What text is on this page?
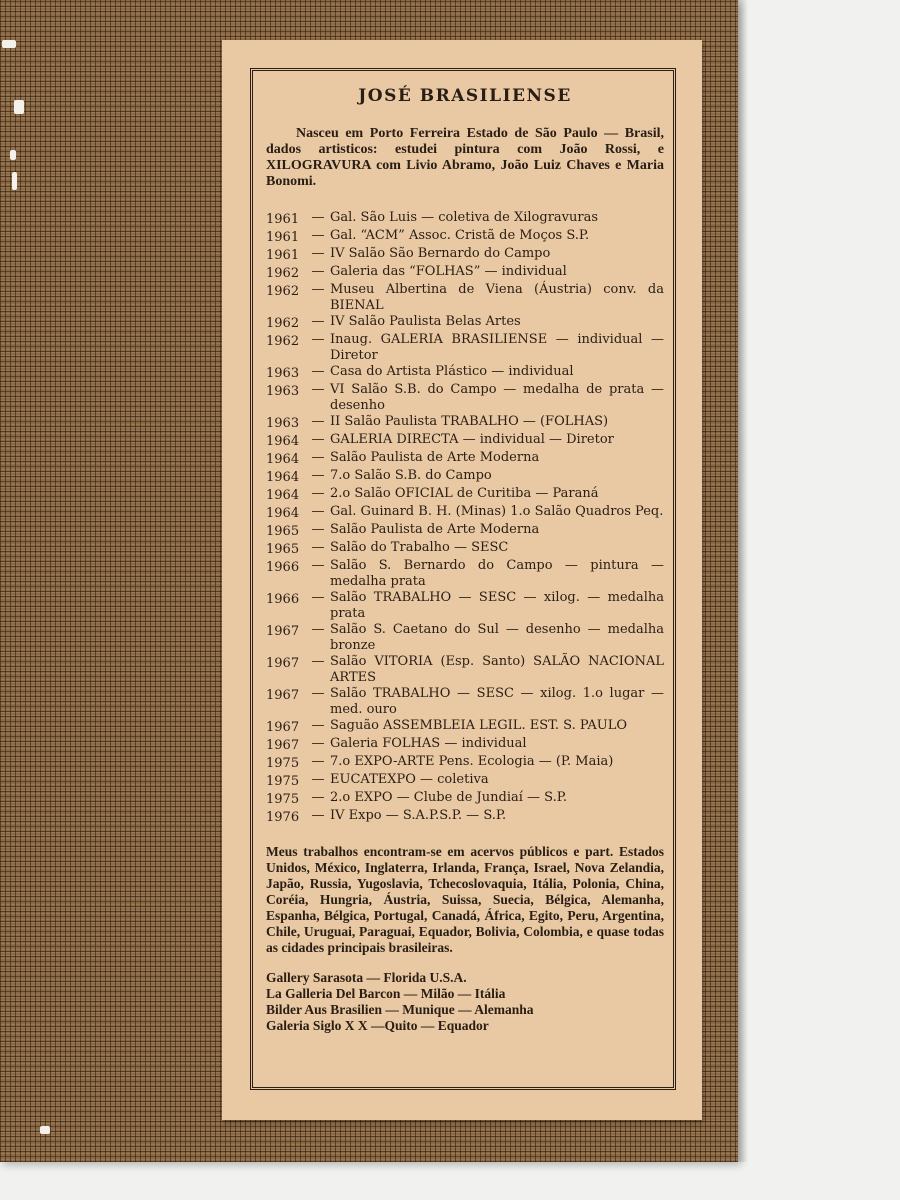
JOSÉ BRASILIENSE

Nasceu em Porto Ferreira Estado de São Paulo — Brasil, dados artisticos: estudei pintura com João Rossi, e XILOGRAVURA com Livio Abramo, João Luiz Chaves e Maria Bonomi.

1961 — Gal. São Luis — coletiva de Xilogravuras
1961 — Gal. “ACM” Assoc. Cristã de Moços S.P.
1961 — IV Salão São Bernardo do Campo
1962 — Galeria das “FOLHAS” — individual
1962 — Museu Albertina de Viena (Áustria) conv. da BIENAL
1962 — IV Salão Paulista Belas Artes
1962 — Inaug. GALERIA BRASILIENSE — individual — Diretor
1963 — Casa do Artista Plástico — individual
1963 — VI Salão S.B. do Campo — medalha de prata — desenho
1963 — II Salão Paulista TRABALHO — (FOLHAS)
1964 — GALERIA DIRECTA — individual — Diretor
1964 — Salão Paulista de Arte Moderna
1964 — 7.o Salão S.B. do Campo
1964 — 2.o Salão OFICIAL de Curitiba — Paraná
1964 — Gal. Guinard B. H. (Minas) 1.o Salão Quadros Peq.
1965 — Salão Paulista de Arte Moderna
1965 — Salão do Trabalho — SESC
1966 — Salão S. Bernardo do Campo — pintura — medalha prata
1966 — Salão TRABALHO — SESC — xilog. — medalha prata
1967 — Salão S. Caetano do Sul — desenho — medalha bronze
1967 — Salão VITORIA (Esp. Santo) SALÃO NACIONAL ARTES
1967 — Salão TRABALHO — SESC — xilog. 1.o lugar — med. ouro
1967 — Saguão ASSEMBLEIA LEGIL. EST. S. PAULO
1967 — Galeria FOLHAS — individual
1975 — 7.o EXPO-ARTE Pens. Ecologia — (P. Maia)
1975 — EUCATEXPO — coletiva
1975 — 2.o EXPO — Clube de Jundiaí — S.P.
1976 — IV Expo — S.A.P.S.P. — S.P.

Meus trabalhos encontram-se em acervos públicos e part. Estados Unidos, México, Inglaterra, Irlanda, França, Israel, Nova Zelandia, Japão, Russia, Yugoslavia, Tchecoslovaquia, Itália, Polonia, China, Coréia, Hungria, Áustria, Suissa, Suecia, Bélgica, Alemanha, Espanha, Bélgica, Portugal, Canadá, África, Egito, Peru, Argentina, Chile, Uruguai, Paraguai, Equador, Bolivia, Colombia, e quase todas as cidades principais brasileiras.

Gallery Sarasota — Florida U.S.A.
La Galleria Del Barcon — Milão — Itália
Bilder Aus Brasilien — Munique — Alemanha
Galeria Siglo X X —Quito — Equador
